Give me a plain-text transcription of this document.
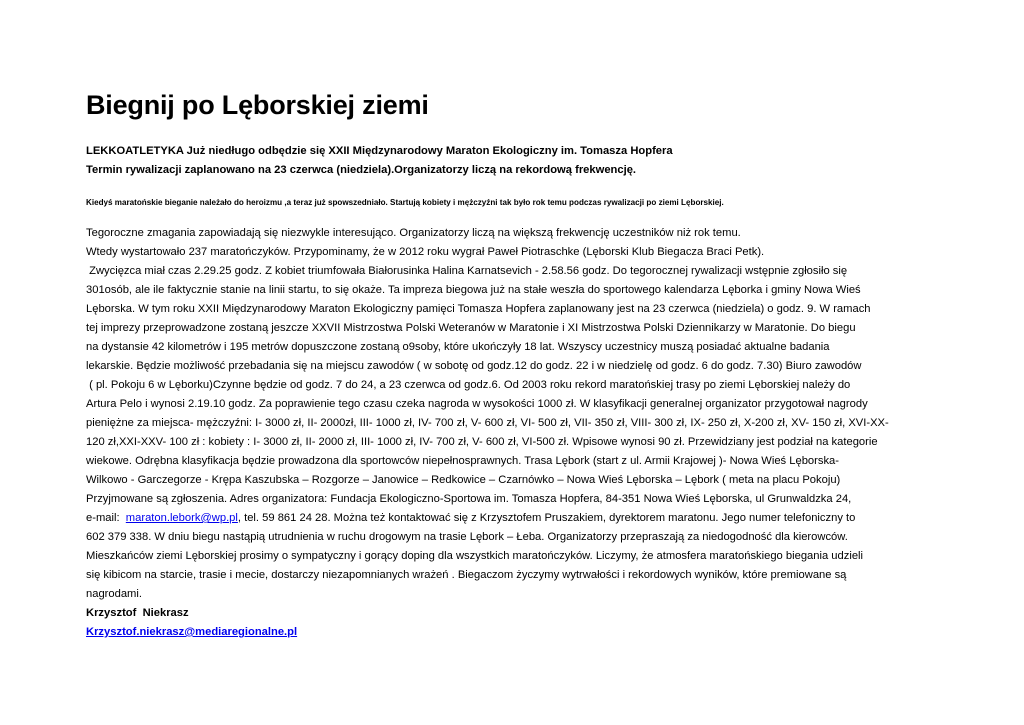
Biegnij po Lęborskiej ziemi
LEKKOATLETYKA Już niedługo odbędzie się XXII Międzynarodowy Maraton Ekologiczny im. Tomasza Hopfera
Termin rywalizacji zaplanowano na 23 czerwca (niedziela).Organizatorzy liczą na rekordową frekwencję.
Kiedyś maratońskie bieganie należało do heroizmu ,a teraz już spowszedniało. Startują kobiety i mężczyźni tak było rok temu podczas rywalizacji po ziemi Lęborskiej.

Tegoroczne zmagania zapowiadają się niezwykle interesująco. Organizatorzy liczą na większą frekwencję uczestników niż rok temu.

Wtedy wystartowało 237 maratończyków. Przypominamy, że w 2012 roku wygrał Paweł Piotraschke (Lęborski Klub Biegacza Braci Petk).

Zwycięzca miał czas 2.29.25 godz. Z kobiet triumfowała Białorusinka Halina Karnatsevich - 2.58.56 godz. Do tegorocznej rywalizacji wstępnie zgłosiło się

301osób, ale ile faktycznie stanie na linii startu, to się okaże. Ta impreza biegowa już na stałe weszła do sportowego kalendarza Lęborka i gminy Nowa Wieś

Lęborska. W tym roku XXII Międzynarodowy Maraton Ekologiczny pamięci Tomasza Hopfera zaplanowany jest na 23 czerwca (niedziela) o godz. 9. W ramach

tej imprezy przeprowadzone zostaną jeszcze XXVII Mistrzostwa Polski Weteranów w Maratonie i XI Mistrzostwa Polski Dziennikarzy w Maratonie. Do biegu

na dystansie 42 kilometrów i 195 metrów dopuszczone zostaną o9soby, które ukończyły 18 lat. Wszyscy uczestnicy muszą posiadać aktualne badania

lekarskie. Będzie możliwość przebadania się na miejscu zawodów ( w sobotę od godz.12 do godz. 22 i w niedzielę od godz. 6 do godz. 7.30) Biuro zawodów

( pl. Pokoju 6 w Lęborku)Czynne będzie od godz. 7 do 24, a 23 czerwca od godz.6. Od 2003 roku rekord maratońskiej trasy po ziemi Lęborskiej należy do

Artura Pelo i wynosi 2.19.10 godz. Za poprawienie tego czasu czeka nagroda w wysokości 1000 zł. W klasyfikacji generalnej organizator przygotował nagrody

pieniężne za miejsca- mężczyźni: I- 3000 zł, II- 2000zł, III- 1000 zł, IV- 700 zł, V- 600 zł, VI- 500 zł, VII- 350 zł, VIII- 300 zł, IX- 250 zł, X-200 zł, XV- 150 zł, XVI-XX-

120 zł,XXI-XXV- 100 zł : kobiety : I- 3000 zł, II- 2000 zł, III- 1000 zł, IV- 700 zł, V- 600 zł, VI-500 zł. Wpisowe wynosi 90 zł. Przewidziany jest podział na kategorie

wiekowe. Odrębna klasyfikacja będzie prowadzona dla sportowców niepełnosprawnych. Trasa Lębork (start z ul. Armii Krajowej )- Nowa Wieś Lęborska-

Wilkowo - Garczegorze - Krępa Kaszubska – Rozgorze – Janowice – Redkowice – Czarnówko – Nowa Wieś Lęborska – Lębork ( meta na placu Pokoju)

Przyjmowane są zgłoszenia. Adres organizatora: Fundacja Ekologiczno-Sportowa im. Tomasza Hopfera, 84-351 Nowa Wieś Lęborska, ul Grunwaldzka 24,

e-mail:  maraton.lebork@wp.pl, tel. 59 861 24 28. Można też kontaktować się z Krzysztofem Pruszakiem, dyrektorem maratonu. Jego numer telefoniczny to

602 379 338. W dniu biegu nastąpią utrudnienia w ruchu drogowym na trasie Lębork – Łeba. Organizatorzy przepraszają za niedogodność dla kierowców.

Mieszkańców ziemi Lęborskiej prosimy o sympatyczny i gorący doping dla wszystkich maratończyków. Liczymy, że atmosfera maratońskiego biegania udzieli

się kibicom na starcie, trasie i mecie, dostarczy niezapomnianych wrażeń . Biegaczom życzymy wytrwałości i rekordowych wyników, które premiowane są

nagrodami.

Krzysztof  Niekrasz

Krzysztof.niekrasz@mediaregionalne.pl
